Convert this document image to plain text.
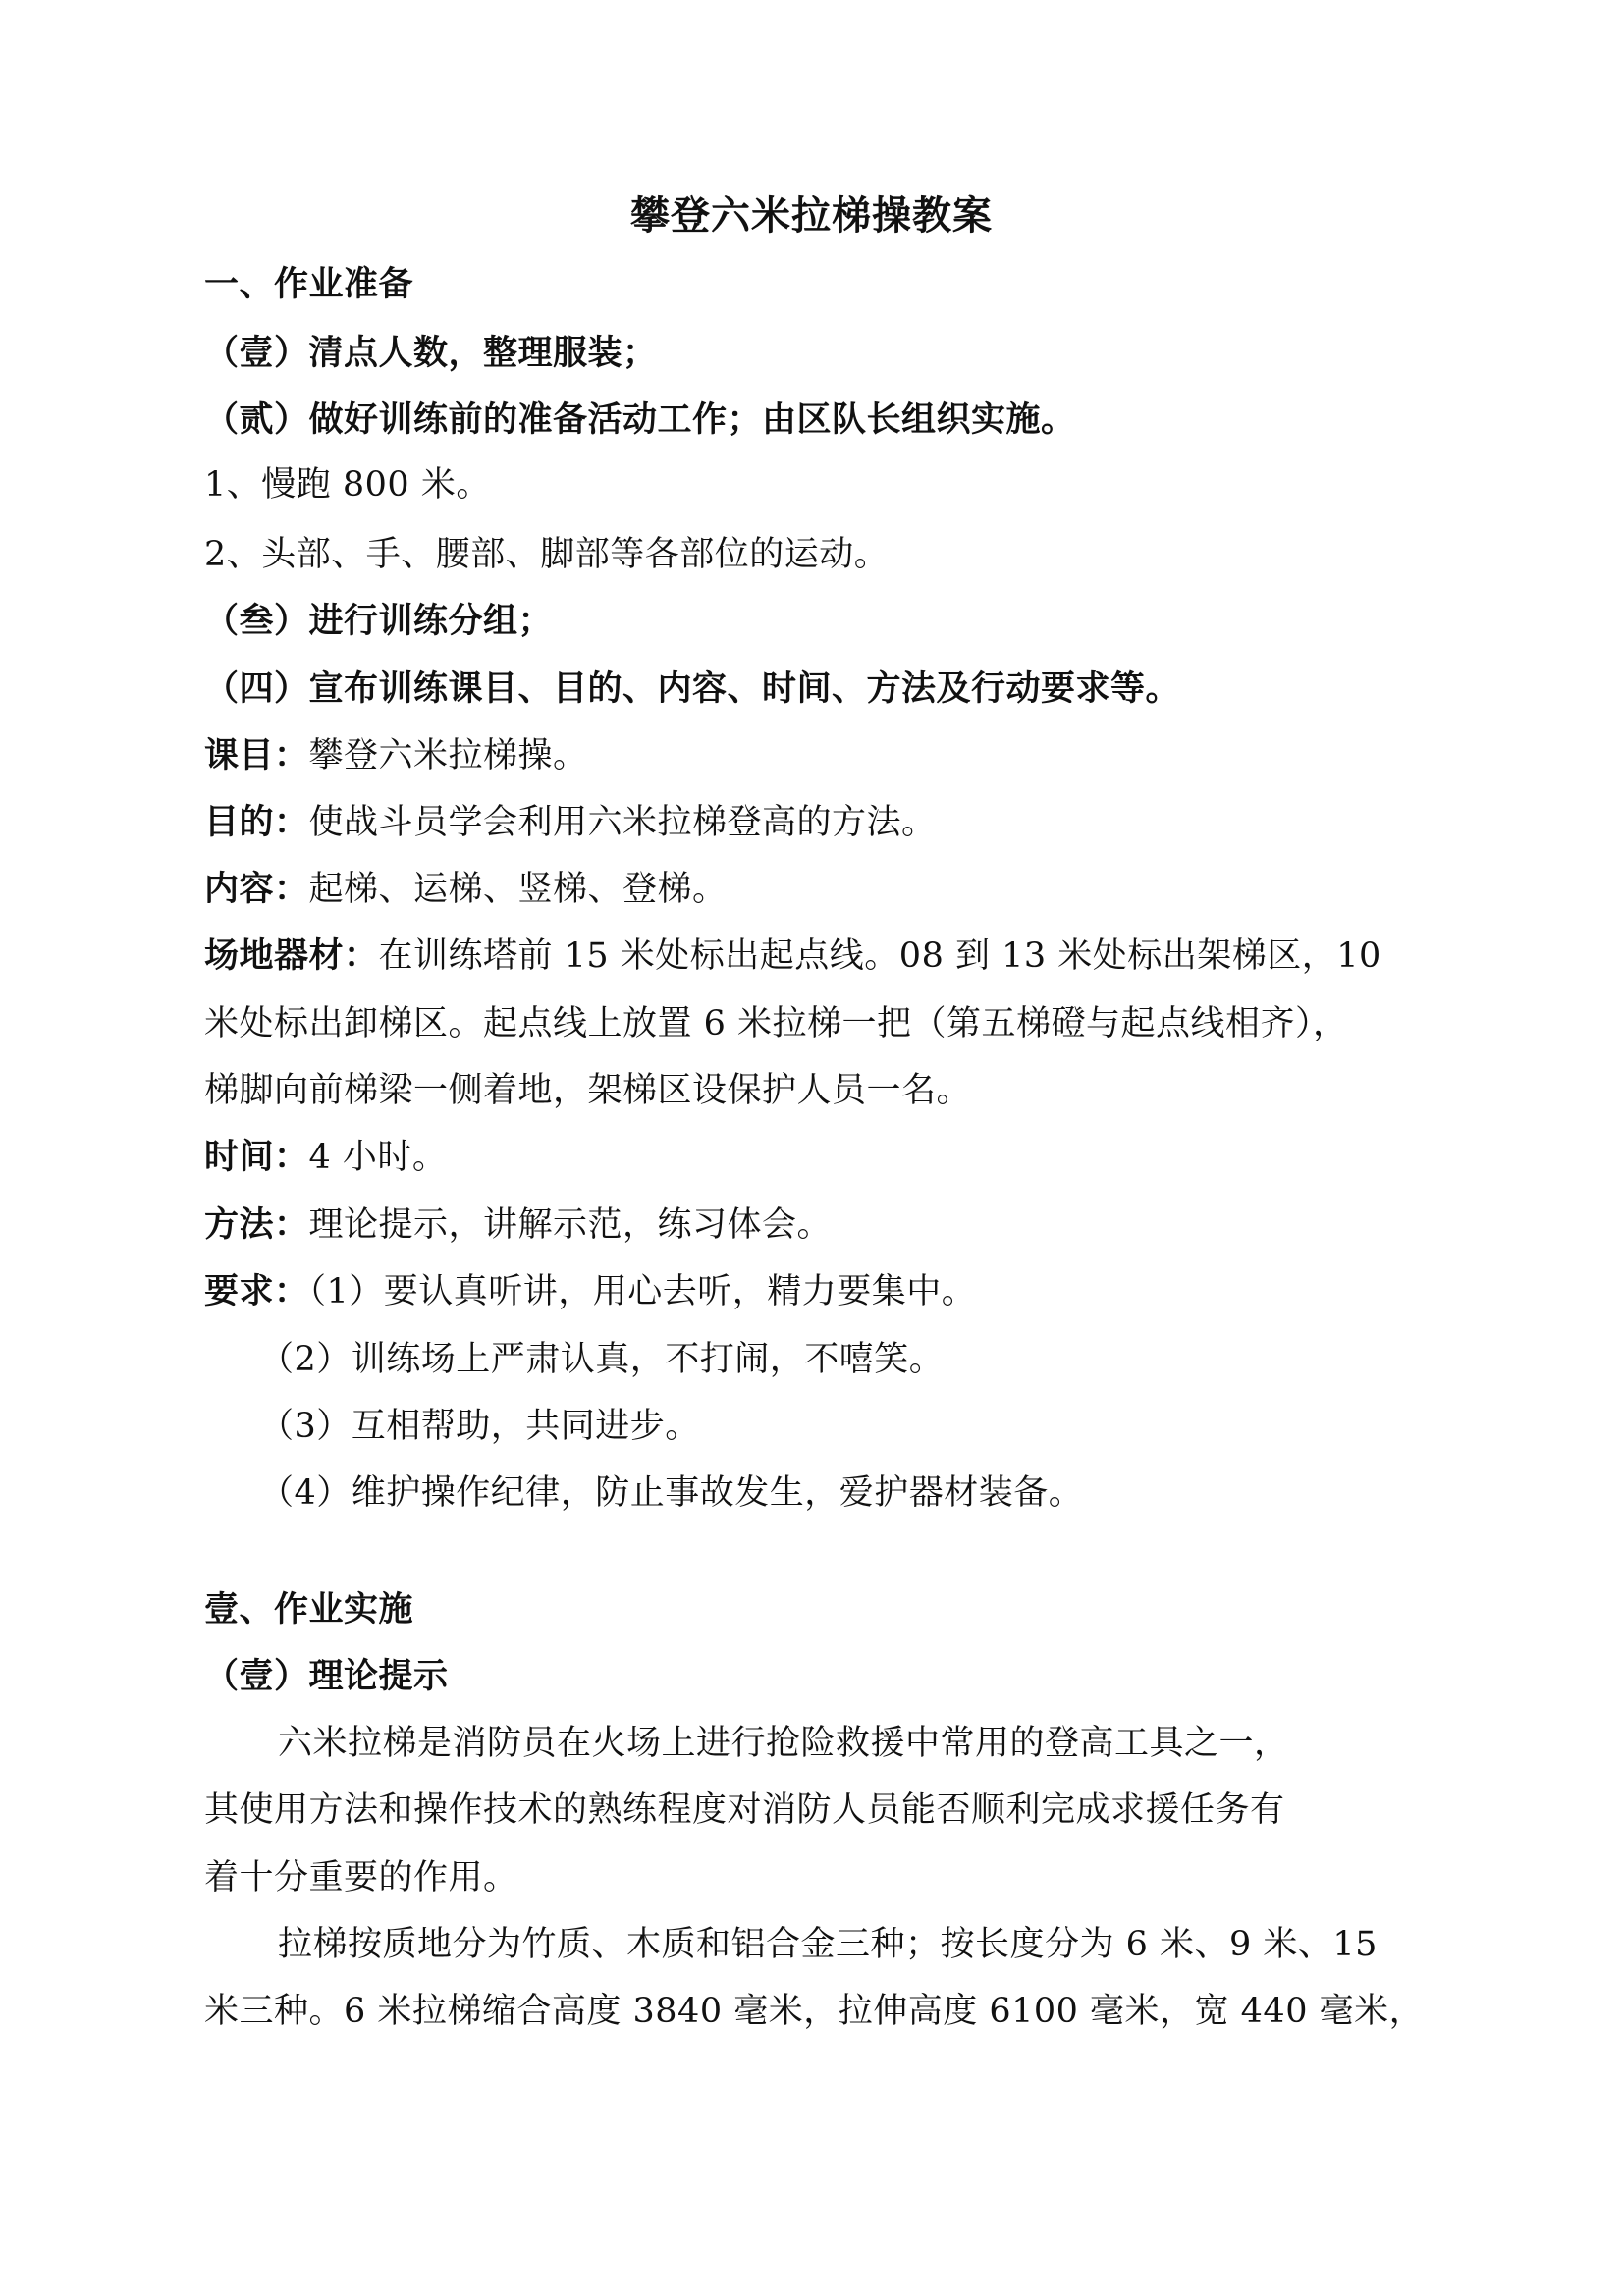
攀登六米拉梯操教案
一、作业准备
（壹）清点人数，整理服装；
（贰）做好训练前的准备活动工作；由区队长组织实施。
1、慢跑 800 米。
2、头部、手、腰部、脚部等各部位的运动。
（叁）进行训练分组；
（四）宣布训练课目、目的、内容、时间、方法及行动要求等。
课目：攀登六米拉梯操。
目的：使战斗员学会利用六米拉梯登高的方法。
内容：起梯、运梯、竖梯、登梯。
场地器材：在训练塔前 15 米处标出起点线。08 到 13 米处标出架梯区，10
米处标出卸梯区。起点线上放置 6 米拉梯一把（第五梯磴与起点线相齐），
梯脚向前梯梁一侧着地，架梯区设保护人员一名。
时间：4 小时。
方法：理论提示，讲解示范，练习体会。
要求：（1）要认真听讲，用心去听，精力要集中。
（2）训练场上严肃认真，不打闹，不嘻笑。
（3）互相帮助，共同进步。
（4）维护操作纪律，防止事故发生，爱护器材装备。
壹、作业实施
（壹）理论提示
六米拉梯是消防员在火场上进行抢险救援中常用的登高工具之一，
其使用方法和操作技术的熟练程度对消防人员能否顺利完成求援任务有
着十分重要的作用。
拉梯按质地分为竹质、木质和铝合金三种；按长度分为 6 米、9 米、15
米三种。6 米拉梯缩合高度 3840 毫米，拉伸高度 6100 毫米，宽 440 毫米，
